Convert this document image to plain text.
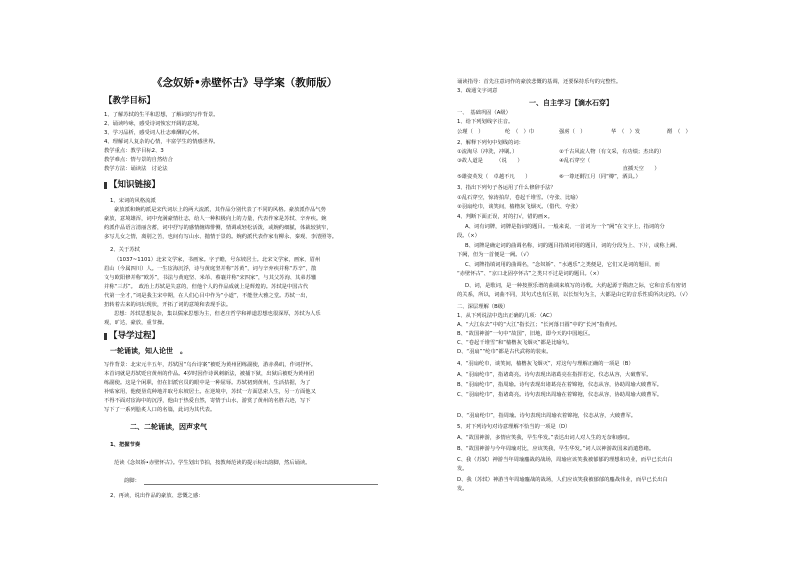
《念奴娇•赤壁怀古》导学案（教师版）
【教学目标】
1、了解苏轼的生平和思想，了解词的写作背景。
2、诵读吟咏，感受诗词恢宏开阔的意境。
3、学习品析，感受词人壮志难酬的心怀。
4、理解词人复杂的心情，丰富学生的情感世界。
教学重点：教学目标2、3
教学难点：情与景的自然结合
教学方法：诵读法　讨论法
【知识链接】
1、宋词的风格流派
豪放派和婉约派是宋代词坛上的两大流派，其作品分别代表了不同的风格。豪放派作品气势
豪放，意境雄浑，词中充满豪情壮志，给人一种积极向上的力量，代表作家是苏轼、辛弃疾。婉
约派作品语言清丽含蓄，词中抒写的感情缠绵悱恻，情调或轻松活泼，或婉约细腻，体裁较狭窄，
多写儿女之情，离别之苦，也间有写山水、抛情于景的。婉约派代表作家有柳永、秦观、李清照等。
2、关于苏轼
（1037~1101）北宋文学家，书画家。字子瞻，号东坡居士。北宋文学家，画家，眉州
眉山（今属四川）人。一生宦海沉浮，诗与黄庭坚并称“苏黄”，词与辛弃疾并称“苏辛”，散
文与欧阳修并称“欧苏”，书法与黄庭坚、米芾、蔡襄并称“宋四家”，与其父苏洵、其弟苏辙
并称“三苏”。　政治上苏轼是失意的，但他个人的作品成就上是辉煌的。苏轼是中国古代
代第一全才，”词是我主宋中期，在人们心目中作为“小道”，不能登大雅之堂。苏轼一出，
扭转着古来的词坛现状，开拓了词的意境和表现手法。
思想：苏轼思想复杂，集以儒家思想为主，但老庄哲学和禅道思想也很深厚，苏轼为人乐
观，旷达，豪放，重节操。
【导学过程】
一轮诵读，知人论世　。
写作背景：北宋元丰五年，苏轼因“乌台诗案”被贬为黄州团练副使，游赤鼻矶，作词抒怀。
本首词就是苏轼贬官黄州的作品。4岁时因作诗讽刺新法，被捕下狱，出狱后被贬为黄州团
练副使。这是个闲职，但在旧派官员的眼中是一种屈辱。苏轼初到黄州，生活拮据，为了
补贴家用，他便垦荒种地并取号东坡居士。在逆境中，苏轼一方面思索人生，另一方面他又
不得不面对宦海中的沉浮，他由于热爱自然，寄情于山水，游赏了黄州的名胜古迹，写下
写下了一系列脍炙人口的名篇，此词为其代表。
二、二轮诵读，因声求气
1、把握节奏
范读《念奴娇•赤壁怀古》。学生划出节拍，按教师范读的提示标出韵脚，然后诵读。
韵脚：
2、再读，说出作品的豪放、悲慨之感：
诵读指导：首先注意词作的豪放悲慨的基调，还要保持乐句的完整性。
3、疏通文字词意
一、自主学习【滴水石穿】
一、　基础巩固（A级）
1、给下列划线字注音。
公瑾（　）	纶　（　）巾	强虏（　）	华　（　）发	酹　（　）
2、解释下列句中划线的词：
①流淘尽（冲洗，冲刷。）	②千古风流人物（有文采，有功绩；杰出的）
③故人道是　　　（说　　）	④乱石穿空（　　　　　　　
　　　　　　　　　　　　直插天空　　）
⑤雄姿英发（　卓越不凡　　）	⑥一尊还酹江月（同“樽”，酒具。）
3、指出下列句子各运用了什么修辞手法？
①乱石穿空，惊涛拍岸，卷起千堆雪。（夸张、比喻）
②羽扇纶巾，谈笑间，樯橹灰飞烟灭。（借代、夸张）
4、判断下面正误，对的打√，错的画×。
A、词有词牌，词牌是指词的题目。一般来说，一首词为一个“阙”在文字上，指词的分
段。（×）
B、词牌是确定词的曲调名称，词的题目指填词用的题目，词的分段为上、下片，或称上阙、
下阙，但为一首便是一阙。（√）
C、词牌指填词用的曲调名，“念奴娇”、“水遇乐”之类便是，它们又是词的题目，而
“赤壁怀古”、“京口北固亭怀古”之类只不过是词的题目。（×）
D、词，是歌词，是一种按照乐谱的曲调来填写的诗歌。大约起源于隋唐之际，它和音乐有密切
的关系，所以，词曲不同，其句式也有区别，以长短句为主，大都是由它的音乐性质所决定的。（√）
二、深层理解（B级）
1、从下列说法中选出正确的几项：（AC）
A、“大江东去”中的“大江”指长江；“长河落日圆”中的“长河”指黄河。
B、“故国神游”一句中“故国”，旧地，即今天的中国地区。
C、“卷起千堆雪”和“樯橹灰飞烟灭”都是比喻句。
D、“羽扇”“纶巾”都是古代武将的装束。
4、“羽扇纶巾，谈笑间，樯橹灰飞烟灭”，对这句与理解正确的一项是（B）
A、“羽扇纶巾”，指诸葛亮。诗句表现出诸葛亮在指挥若定，仪态从容，大破曹军。
B、“羽扇纶巾”，指周瑜。诗句表现出诸葛亮在着锦袍，仪态从容，协助周瑜大破曹军。
C、“羽扇纶巾”，指诸葛亮。诗句表现出周瑜在着锦袍，仪态从容，协助周瑜大破曹军。
D、“羽扇纶巾”，指周瑜。诗句表现出周瑜衣着锦袍，仪态从容，大破曹军。
5、对下列诗句对诗意理解不恰当的一项是（D）
A、“故国神游，多情应笑我，早生华发。”表达出词人对人生的无奈和感叹。
B、“故国神游与今年周瑜对比，应该笑我，早生华发。”词人以神游故国来消遣愁绪。
C、我（苏轼）神游当年周瑜鏖战的战场，周瑜应该笑我被郁郁的理想和功业，而早已长出白
发。
D、我（苏轼）神游当年周瑜鏖战的战场，人们应该笑我被郁郁的鏖战伟业，而早已长出白
发。
